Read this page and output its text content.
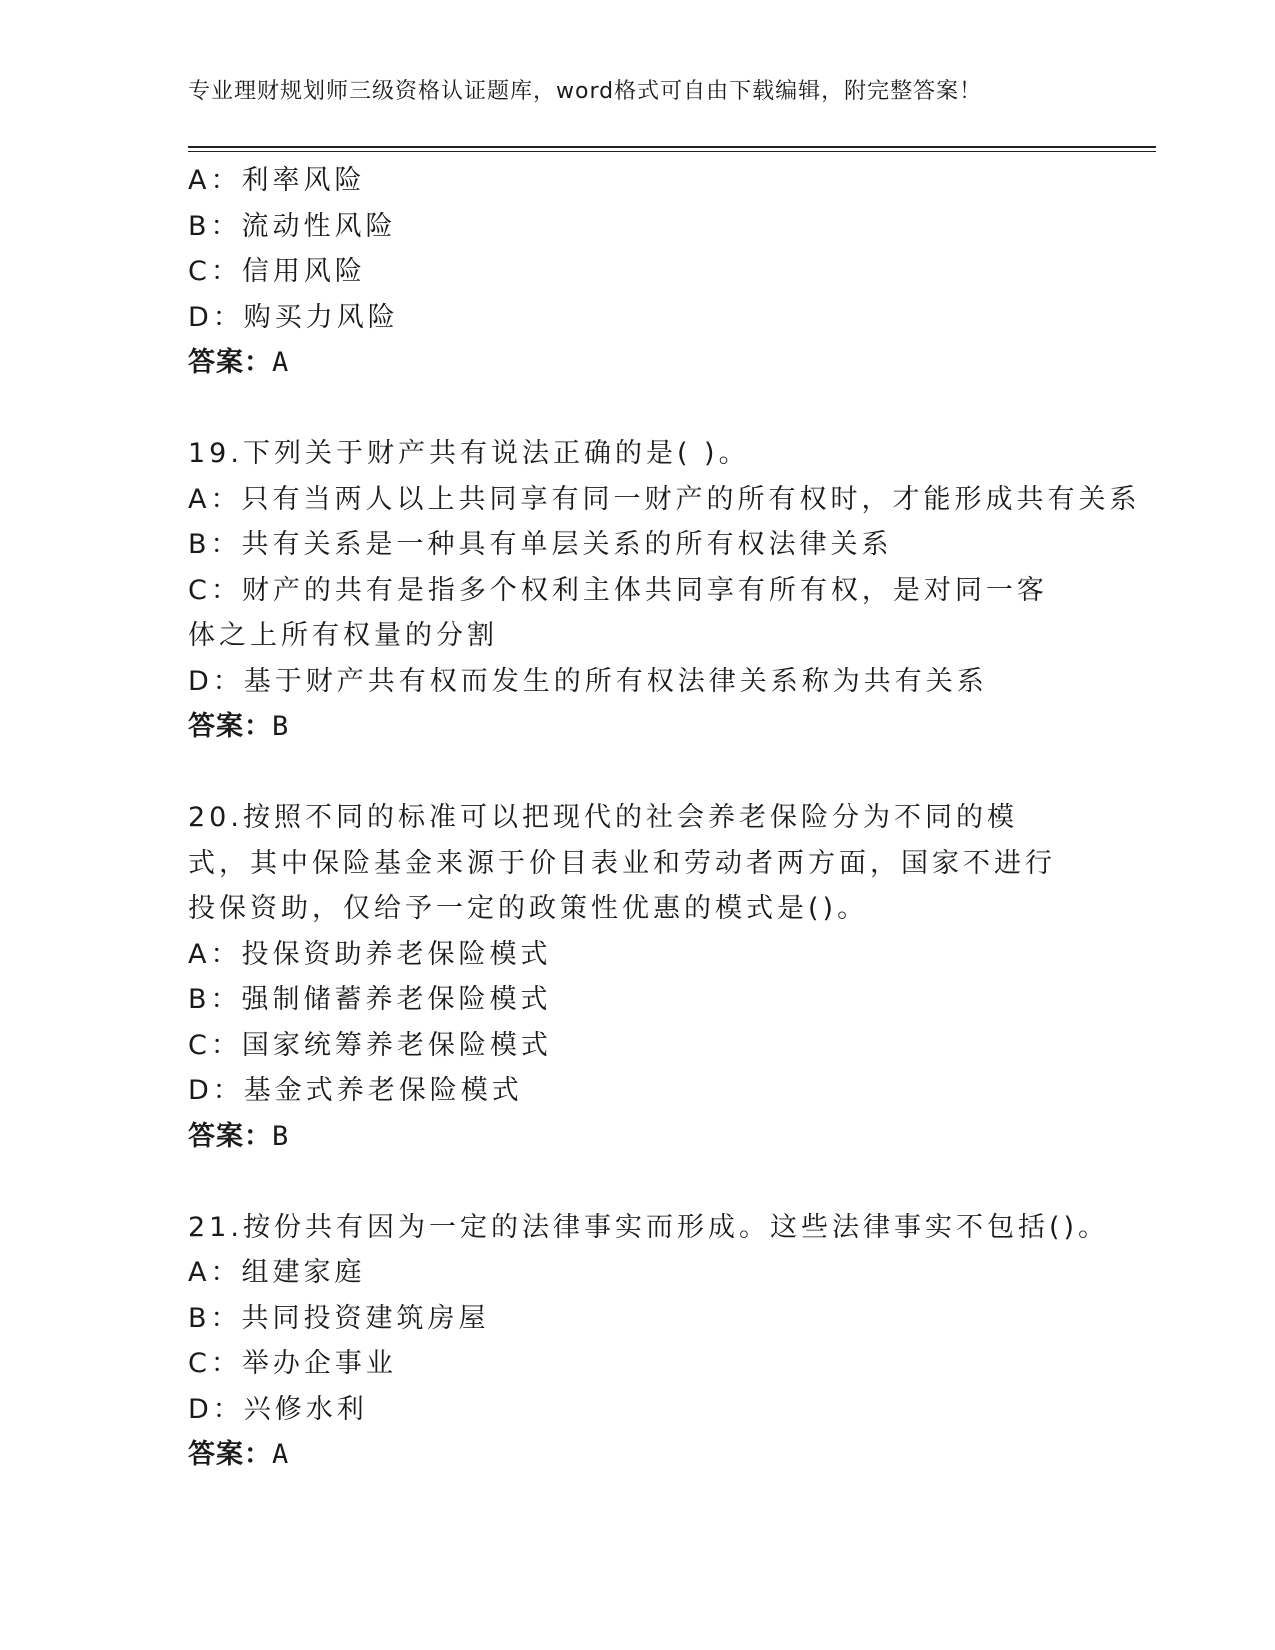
专业理财规划师三级资格认证题库，word格式可自由下载编辑，附完整答案！
A：利率风险
B：流动性风险
C：信用风险
D：购买力风险
答案：A
19.下列关于财产共有说法正确的是( )。
A：只有当两人以上共同享有同一财产的所有权时，才能形成共有关系
B：共有关系是一种具有单层关系的所有权法律关系
C：财产的共有是指多个权利主体共同享有所有权，是对同一客体之上所有权量的分割
D：基于财产共有权而发生的所有权法律关系称为共有关系
答案：B
20.按照不同的标准可以把现代的社会养老保险分为不同的模式，其中保险基金来源于价目表业和劳动者两方面，国家不进行投保资助，仅给予一定的政策性优惠的模式是()。
A：投保资助养老保险模式
B：强制储蓄养老保险模式
C：国家统筹养老保险模式
D：基金式养老保险模式
答案：B
21.按份共有因为一定的法律事实而形成。这些法律事实不包括()。
A：组建家庭
B：共同投资建筑房屋
C：举办企事业
D：兴修水利
答案：A
